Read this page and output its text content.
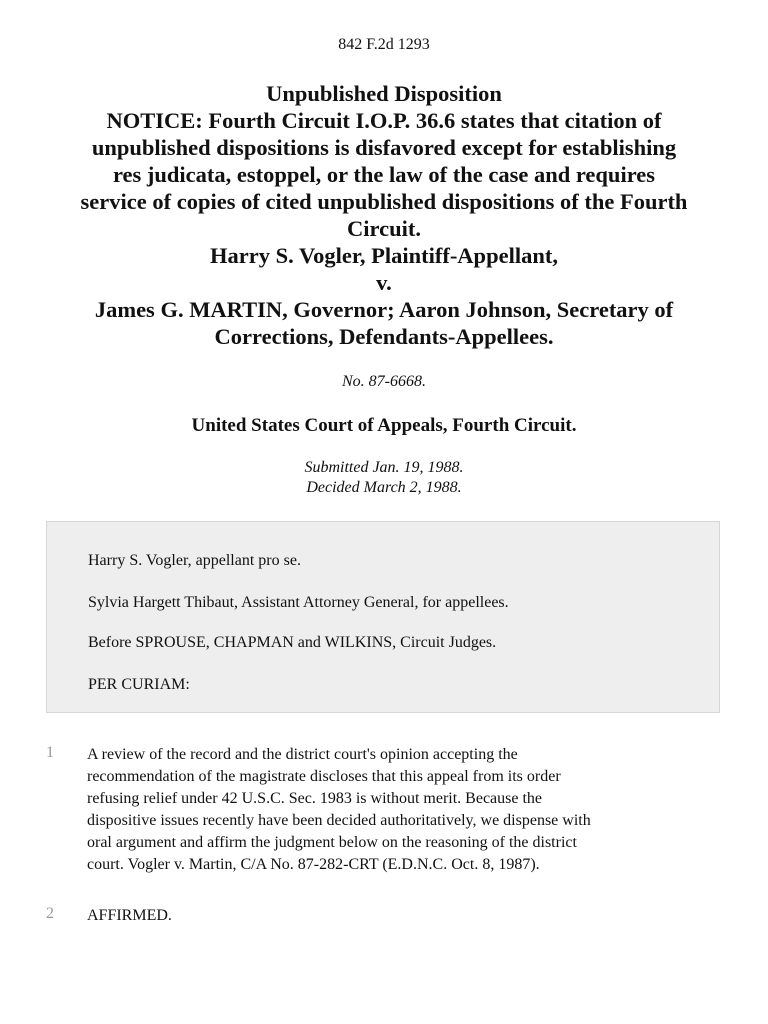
842 F.2d 1293
Unpublished Disposition
NOTICE: Fourth Circuit I.O.P. 36.6 states that citation of
unpublished dispositions is disfavored except for establishing
res judicata, estoppel, or the law of the case and requires
service of copies of cited unpublished dispositions of the Fourth
Circuit.
Harry S. Vogler, Plaintiff-Appellant,
v.
James G. MARTIN, Governor; Aaron Johnson, Secretary of
Corrections, Defendants-Appellees.
No. 87-6668.
United States Court of Appeals, Fourth Circuit.
Submitted Jan. 19, 1988.
Decided March 2, 1988.
Harry S. Vogler, appellant pro se.
Sylvia Hargett Thibaut, Assistant Attorney General, for appellees.
Before SPROUSE, CHAPMAN and WILKINS, Circuit Judges.
PER CURIAM:
1 A review of the record and the district court's opinion accepting the
recommendation of the magistrate discloses that this appeal from its order
refusing relief under 42 U.S.C. Sec. 1983 is without merit. Because the
dispositive issues recently have been decided authoritatively, we dispense with
oral argument and affirm the judgment below on the reasoning of the district
court. Vogler v. Martin, C/A No. 87-282-CRT (E.D.N.C. Oct. 8, 1987).
2 AFFIRMED.
